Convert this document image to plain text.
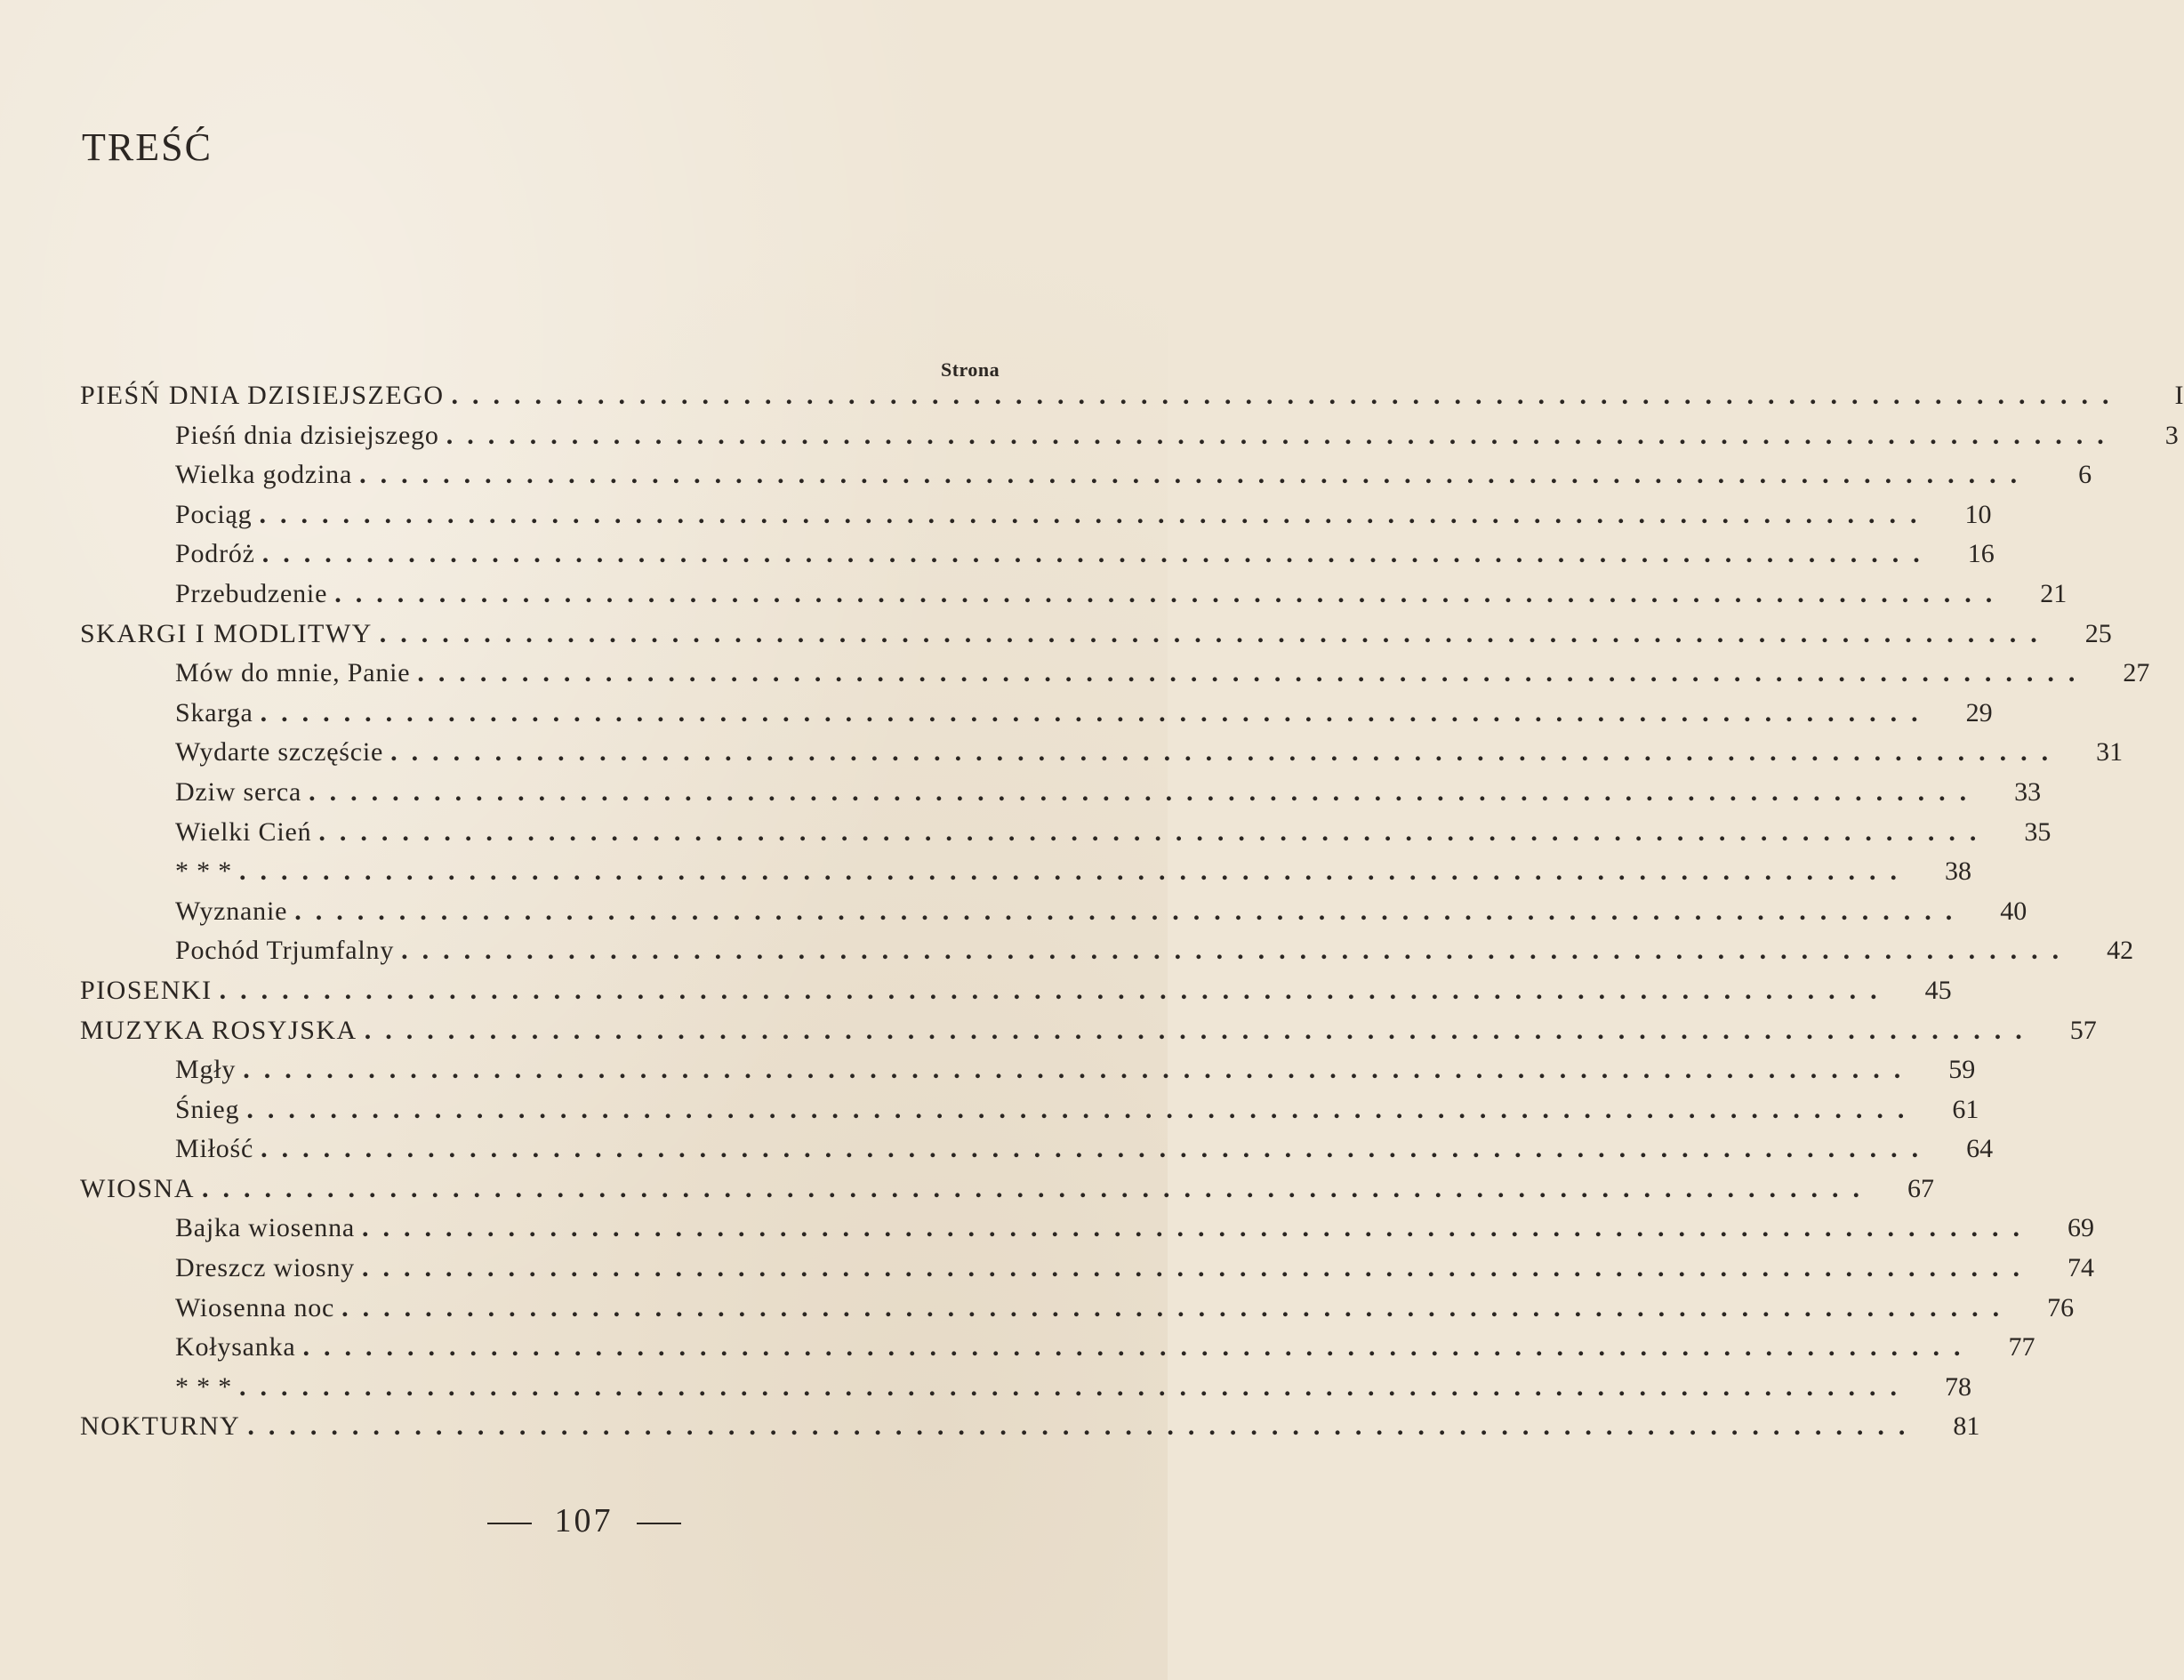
TREŚĆ
Strona
PIEŚŃ DNIA DZISIEJSZEGO ................................................................................	I
Pieśń dnia dzisiejszego ................................................................................	3
Wielka godzina ................................................................................	6
Pociąg ................................................................................	10
Podróż ................................................................................	16
Przebudzenie ................................................................................	21
SKARGI I MODLITWY ................................................................................	25
Mów do mnie, Panie ................................................................................	27
Skarga ................................................................................	29
Wydarte szczęście ................................................................................	31
Dziw serca ................................................................................	33
Wielki Cień ................................................................................	35
* * * ................................................................................	38
Wyznanie ................................................................................	40
Pochód Trjumfalny ................................................................................	42
PIOSENKI ................................................................................	45
MUZYKA ROSYJSKA ................................................................................	57
Mgły ................................................................................	59
Śnieg ................................................................................	61
Miłość ................................................................................	64
WIOSNA ................................................................................	67
Bajka wiosenna ................................................................................	69
Dreszcz wiosny ................................................................................	74
Wiosenna noc ................................................................................	76
Kołysanka ................................................................................	77
* * * ................................................................................	78
NOKTURNY ................................................................................	81
107
